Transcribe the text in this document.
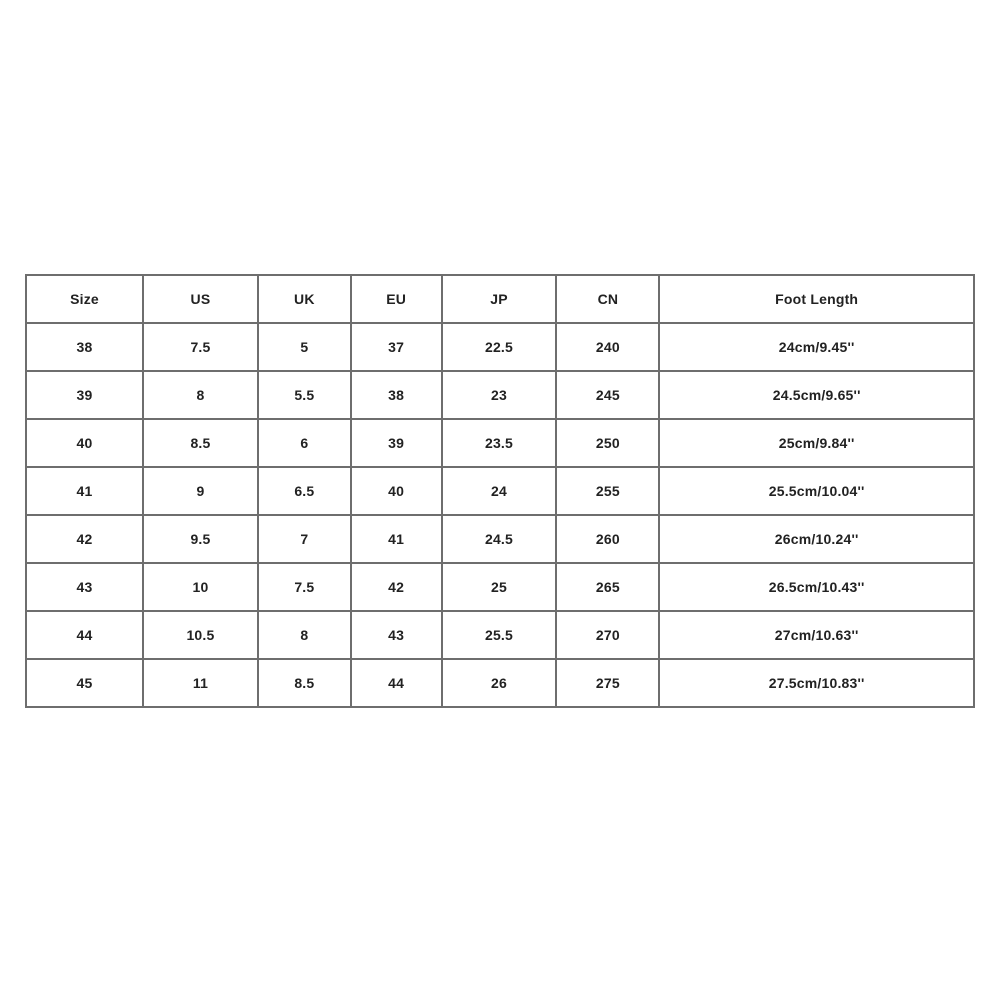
Size	US	UK	EU	JP	CN	Foot Length
38	7.5	5	37	22.5	240	24cm/9.45''
39	8	5.5	38	23	245	24.5cm/9.65''
40	8.5	6	39	23.5	250	25cm/9.84''
41	9	6.5	40	24	255	25.5cm/10.04''
42	9.5	7	41	24.5	260	26cm/10.24''
43	10	7.5	42	25	265	26.5cm/10.43''
44	10.5	8	43	25.5	270	27cm/10.63''
45	11	8.5	44	26	275	27.5cm/10.83''
